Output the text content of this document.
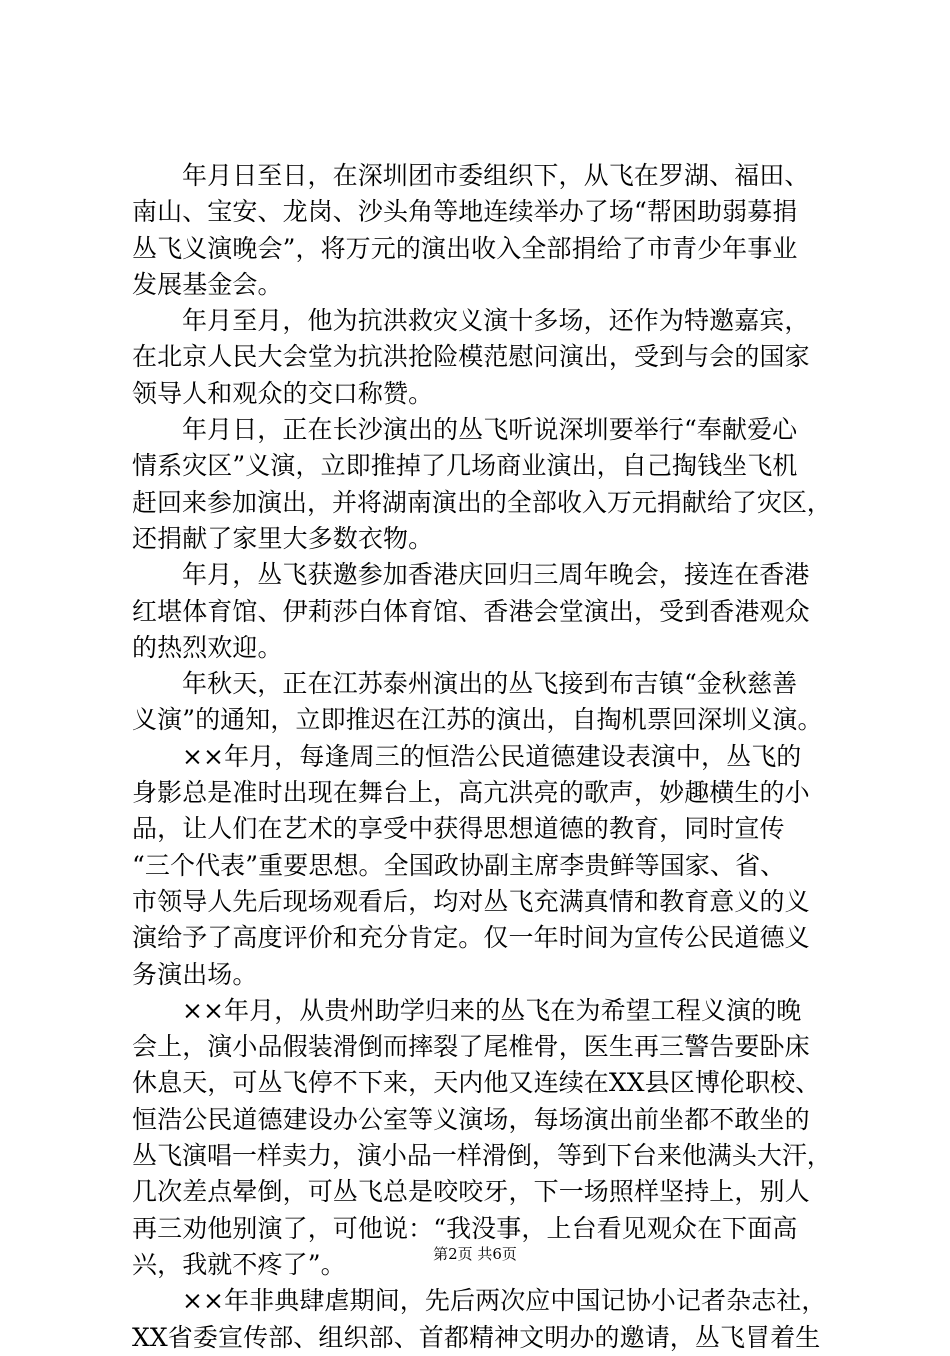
年月日至日，在深圳团市委组织下，从飞在罗湖、福田、
南山、宝安、龙岗、沙头角等地连续举办了场“帮困助弱募捐
丛飞义演晚会”，将万元的演出收入全部捐给了市青少年事业
发展基金会。
年月至月，他为抗洪救灾义演十多场，还作为特邀嘉宾，
在北京人民大会堂为抗洪抢险模范慰问演出，受到与会的国家
领导人和观众的交口称赞。
年月日，正在长沙演出的丛飞听说深圳要举行“奉献爱心
情系灾区”义演，立即推掉了几场商业演出，自己掏钱坐飞机
赶回来参加演出，并将湖南演出的全部收入万元捐献给了灾区，
还捐献了家里大多数衣物。
年月，丛飞获邀参加香港庆回归三周年晚会，接连在香港
红堪体育馆、伊莉莎白体育馆、香港会堂演出，受到香港观众
的热烈欢迎。
年秋天，正在江苏泰州演出的丛飞接到布吉镇“金秋慈善
义演”的通知，立即推迟在江苏的演出，自掏机票回深圳义演。
××年月，每逢周三的恒浩公民道德建设表演中，丛飞的
身影总是准时出现在舞台上，高亢洪亮的歌声，妙趣横生的小
品，让人们在艺术的享受中获得思想道德的教育，同时宣传
“三个代表”重要思想。全国政协副主席李贵鲜等国家、省、
市领导人先后现场观看后，均对丛飞充满真情和教育意义的义
演给予了高度评价和充分肯定。仅一年时间为宣传公民道德义
务演出场。
××年月，从贵州助学归来的丛飞在为希望工程义演的晚
会上，演小品假装滑倒而摔裂了尾椎骨，医生再三警告要卧床
休息天，可丛飞停不下来，天内他又连续在XX县区博伦职校、
恒浩公民道德建设办公室等义演场，每场演出前坐都不敢坐的
丛飞演唱一样卖力，演小品一样滑倒，等到下台来他满头大汗，
几次差点晕倒，可丛飞总是咬咬牙，下一场照样坚持上，别人
再三劝他别演了，可他说：“我没事，上台看见观众在下面高
兴，我就不疼了”。
××年非典肆虐期间，先后两次应中国记协小记者杂志社，
XX省委宣传部、组织部、首都精神文明办的邀请，丛飞冒着生
第2页 共6页
